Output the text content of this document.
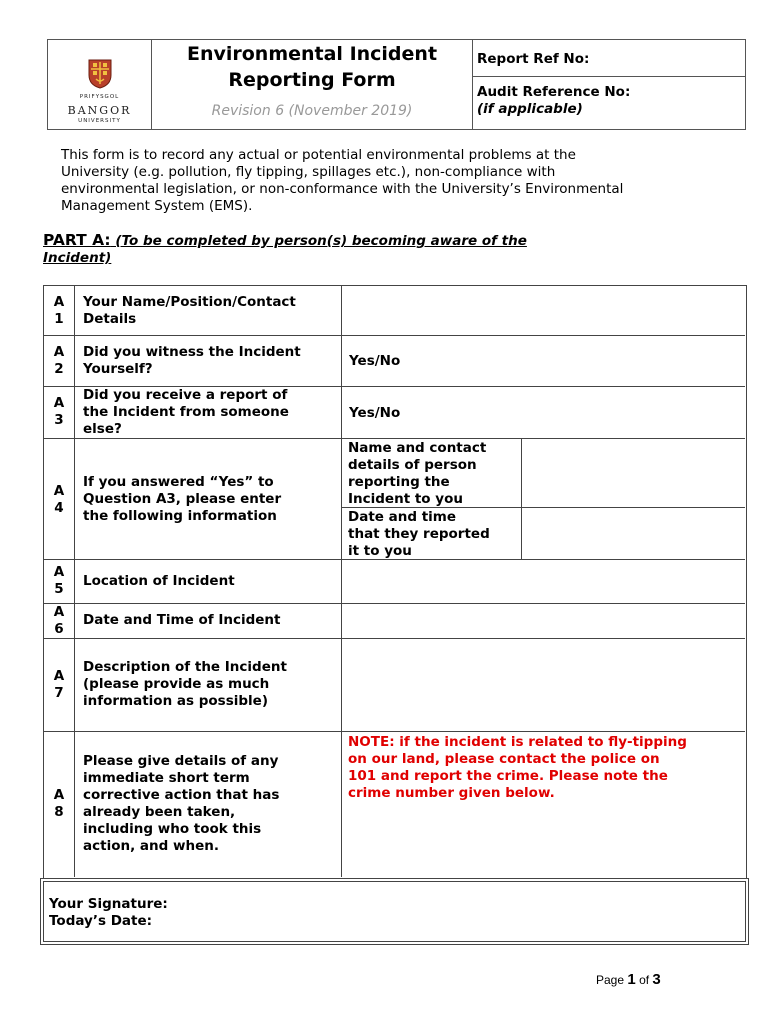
PRIFYSGOL
BANGOR
UNIVERSITY
Environmental Incident
Reporting Form
Revision 6 (November 2019)
Report Ref No:
Audit Reference No:
(if applicable)
This form is to record any actual or potential environmental problems at the
University (e.g. pollution, fly tipping, spillages etc.), non-compliance with
environmental legislation, or non-conformance with the University’s Environmental
Management System (EMS).
PART A: (To be completed by person(s) becoming aware of the
Incident)
A
1
Your Name/Position/Contact
Details
A
2
Did you witness the Incident
Yourself?	Yes/No
A
3
Did you receive a report of
the Incident from someone
else?
Yes/No
A
4
If you answered “Yes” to
Question A3, please enter
the following information
Name and contact
details of person
reporting the
Incident to you
Date and time
that they reported
it to you
A
5	Location of Incident
A
6
Date and Time of Incident
A
7
Description of the Incident
(please provide as much
information as possible)
A
8
Please give details of any
immediate short term
corrective action that has
already been taken,
including who took this
action, and when.
NOTE: if the incident is related to fly-tipping
on our land, please contact the police on
101 and report the crime. Please note the
crime number given below.
Your Signature:
Today’s Date:
Page 1 of 3
